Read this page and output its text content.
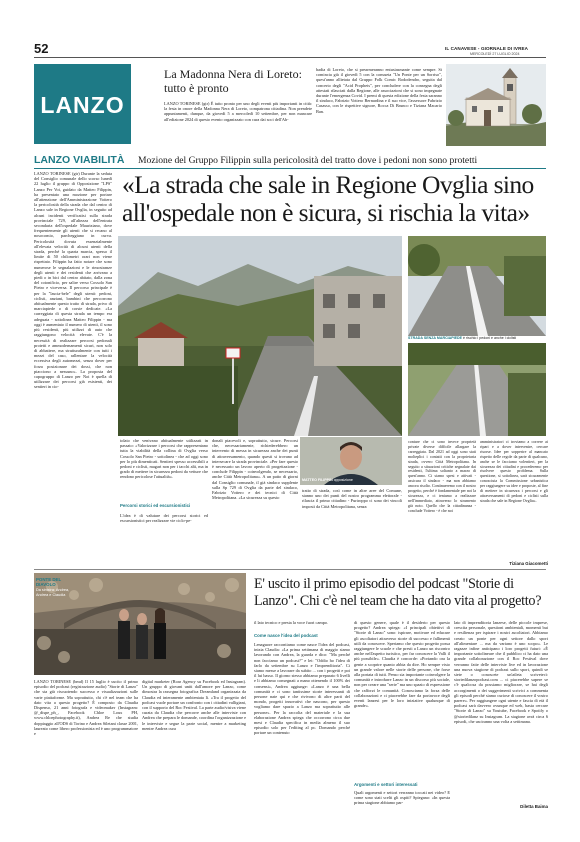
52	IL CANAVESE - GIORNALE DI IVREA
MERCOLEDÌ 27 LUGLIO 2024
LANZO
La Madonna Nera di Loreto: tutto è pronto
LANZO TORINESE (gtr) È tutto pronto per uno degli eventi più importanti in città: la festa in onore della Madonna Nera di Loreto, compatrona cittadina. Non prendete appuntamenti, dunque, da giovedì 5 a mercoledì 10 settembre, per non mancare all'edizione 2024 di questo evento organizzato con cura dai soci dell'Ab-
badia di Loreto, che si prearmeranno entusiasmante come sempre. Si comincia già il giovedì 5 con la consueta "Un Ponte per un Sorriso", quest'anno allietata dal Gruppo Folk Comic Rododendro, seguita dal concerto degli "Acid Prophets", per concludere con la consegna degli attestati rilasciati dalla Regione, alle associazioni che si sono impegnate durante l'emergenza Covid. I premi di questa edizione della festa saranno il sindaco, Fabrizio Vottero Bernardina e il suo vice, l'assessore Fabrizio Casasso, con le rispettive signore, Rocca Di Brunco e Tiziana Macario Ban.
LANZO VIABILITÀ Mozione del Gruppo Filippin sulla pericolosità del tratto dove i pedoni non sono protetti
LANZO TORINESE (gtr) Durante la seduta del Consiglio comunale dello scorso lunedì 22 luglio il gruppo di Opposizione "LPS" Lanzo Per Voi, guidato da Matteo Filippin, ha presentato una mozione per portare all'attenzione dell'Amministrazione Vottero la pericolosità della strada che dal centro di Lanzo sale in Regione Ovglia, in seguito ad alcuni incidenti verificatisi sulla strada provinciale 729, all'altezza dell'entrata secondaria dell'ospedale Mauriziano, dove frequentemente gli utenti che si recano al nosocomio, parcheggiano in curva. Pericolosità dovuta essenzialmente all'elevata velocità di alcuni utenti della strada, perché la quarta marcia, spesso il limite di 50 chilometri orari non viene rispettato. Filippin ha fatto notare che sono numerose le segnalazioni e le rimostranze degli utenti e dei residenti che arrivano a piedi o in bici dal centro abitato, dalla zona del cotonificio, per salire verso Cossolo San Pietro e viceversa. Il percorso principale è per la "lascia-bele" degli utenti: pedoni, ciclisti, anziani, bambini che percorrono abitualmente questo tratto di strada, privo di marciapiede o di corsie dedicate. «La carreggiata di questa strada un tempo era adeguata - sottolinea Matteo Filippin - ma oggi è aumentato il numero di utenti, il sono più residenti, più utilizzi di auto che raggiungono velocità elevate. C'è la necessità di realizzare percorsi pedonali protetti e ammodernamenti sicuri, non solo di abbattere, ma strutturalmente con tutti i mezzi del caso, rallentare la velocità eccessiva degli automezzi, senza dover per forza posizionare dei dossi, che non piacciono a nessuno». La proposta del capogruppo di Lanzo per Noi è quella di utilizzare dei percorsi già esistenti, dei sentieri in cio-
«La strada che sale in Regione Ovglia sino all'ospedale non è sicura, si rischia la vita»
MATTEO FILIPPIN opposizione
STRADA SENZA MARCIAPIEDE è rischio i pedoni e anche i ciclisti
tolato che venivano abitualmente utilizzati in passato: «Valorizzare i percorsi che rappresentano tutta la viabilità della collina di Ovglia verso Cossolo San Pietro - sottolinea - che ad oggi sono per lo più dimenticati. Sentieri spesso accessibili a pedoni e ciclisti, magari non per i tacchi alti, ma in grado di mettere in sicurezza pedoni da vetture che rendono pericolose l'attualità».
Percorsi storici ed escursionistici
L'idea è di valutare dei percorsi storici ed escursionistici per realizzare vie ciclo-pe-
donali piacevoli e, soprattutto, sicure. Percorsi che, necessariamente, richiederebbero un intervento di messa in sicurezza anche dei punti di attraversamento, quando questi si trovano ad intersecare la strada provinciale. «Per fare questo è necessario un lavoro aperto di progettazione - conclude Filippin - coinvolgendo, se necessario, anche Città Metropolitana». A un patto di giorni dal Consiglio comunale, il già sindaco supplente sulla Sp 729 di Ovglia da parte del sindaco, Fabrizio Vottero e dei tecnici di Città Metropolitana. «La sicurezza su questo
tratto di strada, così come in altre aree del Comune, stanno uno dei punti del nostro programma elettorale - rilascia il primo cittadino - Purtroppo ci sono dei vincoli imposti da Città Metropolitana, senza
contare che ci sono invece proprietà private diverse difficile allargare la carreggiata. Dal 2021 ad oggi sono stati molteplici i contatti con la proprietaria strada, ovvero Città Metropolitana. In seguito a situazioni critiche segnalate dai residenti, l'ultima soltanto a marzo di quest'anno. Ci siamo spesi e attivati - assicura il sindaco - ma non abbiamo ancora risolto. Continueremo con il nostro progetto, perché è fondamentale per noi la sicurezza, e ci teniamo a realizzare nell'immediato, attraverso lo strumento già noto. Quello che la cittadinanza - conclude Vottero - è che noi
amministratori ci troviamo a correre ai ripari e a dover intervenire, cercare risorse. Idee per sopperire al mancato rispetto delle regole da parte di qualcuno, anche se le facciamo volentieri, per la sicurezza dei cittadini e procederemo per risolvere questo problema. Sulla questione, si sottolinea, sarà sicuramente conosciuta la Commissione urbanistica per raggiungere su idee e proposte, al fine di mettere in sicurezza i percorsi e gli attraversamenti di pedoni e ciclisti sulla strada che sale in Regione Ovglia».
Tiziana Giacometti
PONTE DEL DIAVOLO
Da sinistra: Andrea, Andrea e Claudia
E' uscito il primo episodio del podcast "Storie di Lanzo". Chi c'è nel team che ha dato vita al progetto?
LANZO TORINESE (bmd) Il 15 luglio è uscito il primo episodio del podcast (registrazione audio) "Storie di Lanzo" che sta già riscuotendo successo e visualizzazioni sulle varie piattaforme. Ma soprattutto, chi c'è nel team che ha dato vita a questo progetto? È composto da Claudia Dispenso, 21 anni fotografa e videomaker (Instagram: @_dispe_ph_, Facebook Chloe Loux PH, www.chloephotography.it), Andrea Re che studia doppiaggio all'ODS di Torino e Andrea Siletani classe 2001, laureato come libero professionista ed è uno programmatore e
digital marketer (Roar Agency su Facebook ed Instagram). Un gruppo di giovani uniti dall'amore per Lanzo, come dimostra la rassegna fotografica Dreamland organizzata da Claudia ed interamente ambientata lì. «Tra il progetto del podcast vuole portare un confronto con i cittadini valligiani, con il supporto del Roc Festival. La parte audio/visiva viene curata da Claudia che percorre anche alle interviste con Andrea che prepara le domande, coordina l'organizzazione e le interviste e segue la parte social, mentre a marketing mentre Andrea cura
il lato tecnico e presta la voce fuori campo.
Come nasce l'idea del podcast
Lenaguore raccontiamo come nasce l'idea del podcast, inizia Claudia: «La prima settimana di maggio siamo lavorando con Andrea, la guarda e dico: "Ma perché non facciamo un podcast?" e lei: "Oddio ho l'idea di farlo da settembre su Lanzo e l'imprenditoria". Ci siamo messe a lavorare da subito ... con i progetti e poi il lui basso. Il giorno stesso abbiamo preparato 6 livelli e li abbiamo consegnati a mano ottenendo il 100% dei consensi», Andrea aggiunge: «Lanzo è una bella comunità e ci sono tantissime storie interessanti di persone nate qui e che rivivono di altre parti del mondo, progetti innovativi che nascono, per questo vogliamo dare spazio a Lanzo ma soprattutto alle persone». Per la raccolta del materiale e la sua elaborazione Andrea spiega che occorrono circa due mesi e Claudia specifica in media almeno il suo episodio solo per l'editing al pc. Domando perché portare un contenuto
di questo genere, quale è il desiderio per questo progetto? Andrea spiega: «I principali obiettivi di "Storie di Lanzo" sono: ispirare, motivare ed educare gli ascoltatori attraverso storie di successo e fallimenti utili da conoscere. Speriamo che questo progetto possa raggiungere le scuole e che presti a Lanzo un riscontro anche nell'aspetto turistico, per far conoscere la Valli il più possibile». Claudia è concorde: «Portando ora la gente a scoprire quanto abbia da dire. Ho sempre visto un grande valore nelle storie delle persone, che forse alla portata di tutti. Penso sia importante coinvolgere la comunità e introdurre Lanzo in un discorso più sociale, non per creare una "serie" ma uno spazio di espressione che rafforzi le comunità. Conosciamo la forza delle collaborazioni e ci piacerebbe fare da portavoce degli eventi lanzesi per le loro iniziative qualunque di grande».
Argomenti e settori interessati
Quali argomenti e settori verranno toccati nei video? E come sono stati scelti gli ospiti? Spiegano: «In questa prima stagione abbiamo par-
lato di imprenditoria lanzese, delle piccole imprese, crescita personale, questioni ambientali, momenti bui e resilienza per ispirare i nostri ascoltatori. Abbiamo creato un ponte per ogni settore dallo sport all'alimentare ... ma da variano è uno scopo». Le ragazze infine anticipano i loro progetti futuri: «È importante sottolineare che il pubblico ci ha dato una grande collaborazione con il Roc Festival dove verranno fatte delle interviste live ed in lavorazione una nuova stagione di podcast sullo sport, quindi se siete o conoscete un'atleta scrivetecì: storiedilanzopodcast.com ... ci piacerebbe sapere se c'è qualcosa da possiamo migliorare, se hai degli accorgimenti o dei suggerimenti scrivici a commenta gli episodi perché siamo curiose di conoscere il vostro parere». Per raggiungere ogni utente e fascia di età il podcast sarà davvero ovunque ed web, basta cercare "Storie di Lanzo" su Youtube, Facebook e Spotify o @storiedilanz su Instagram. La stagione avrà circa 6 episodi, che usciranno una volta a settimana.
Diletta Baima
